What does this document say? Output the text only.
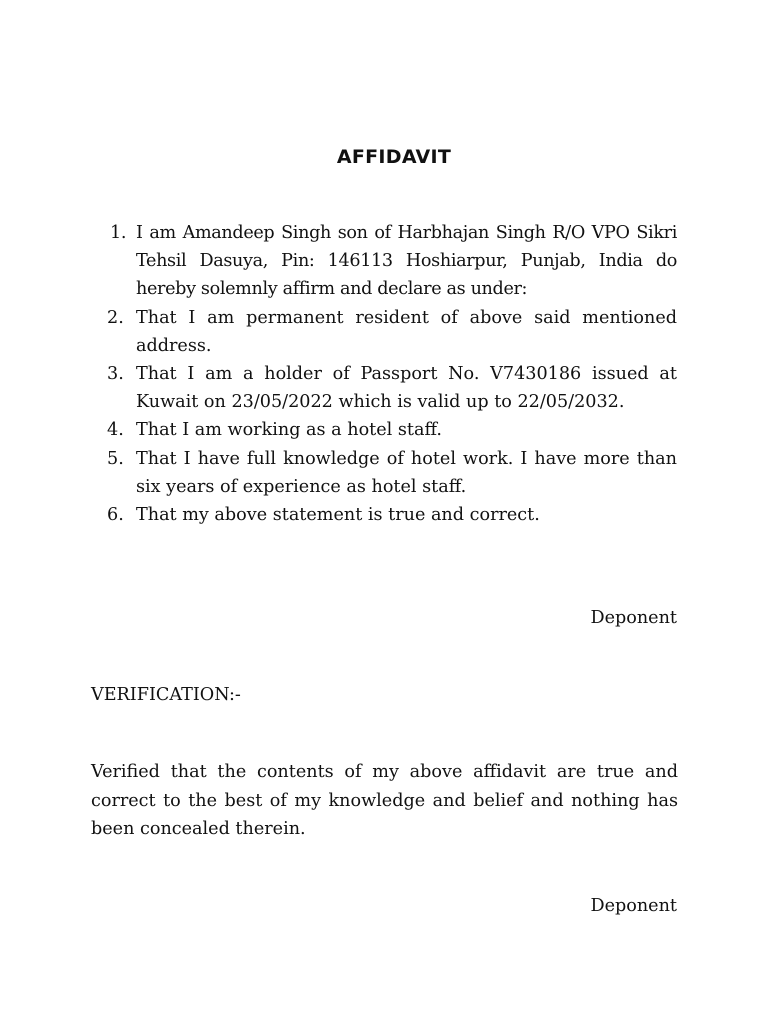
AFFIDAVIT
1. I am Amandeep Singh son of Harbhajan Singh R/O VPO Sikri Tehsil Dasuya, Pin: 146113 Hoshiarpur, Punjab, India do hereby solemnly affirm and declare as under:
2. That I am permanent resident of above said mentioned address.
3. That I am a holder of Passport No. V7430186 issued at Kuwait on 23/05/2022 which is valid up to 22/05/2032.
4. That I am working as a hotel staff.
5. That I have full knowledge of hotel work. I have more than six years of experience as hotel staff.
6. That my above statement is true and correct.
Deponent
VERIFICATION:-
Verified that the contents of my above affidavit are true and correct to the best of my knowledge and belief and nothing has been concealed therein.
Deponent
